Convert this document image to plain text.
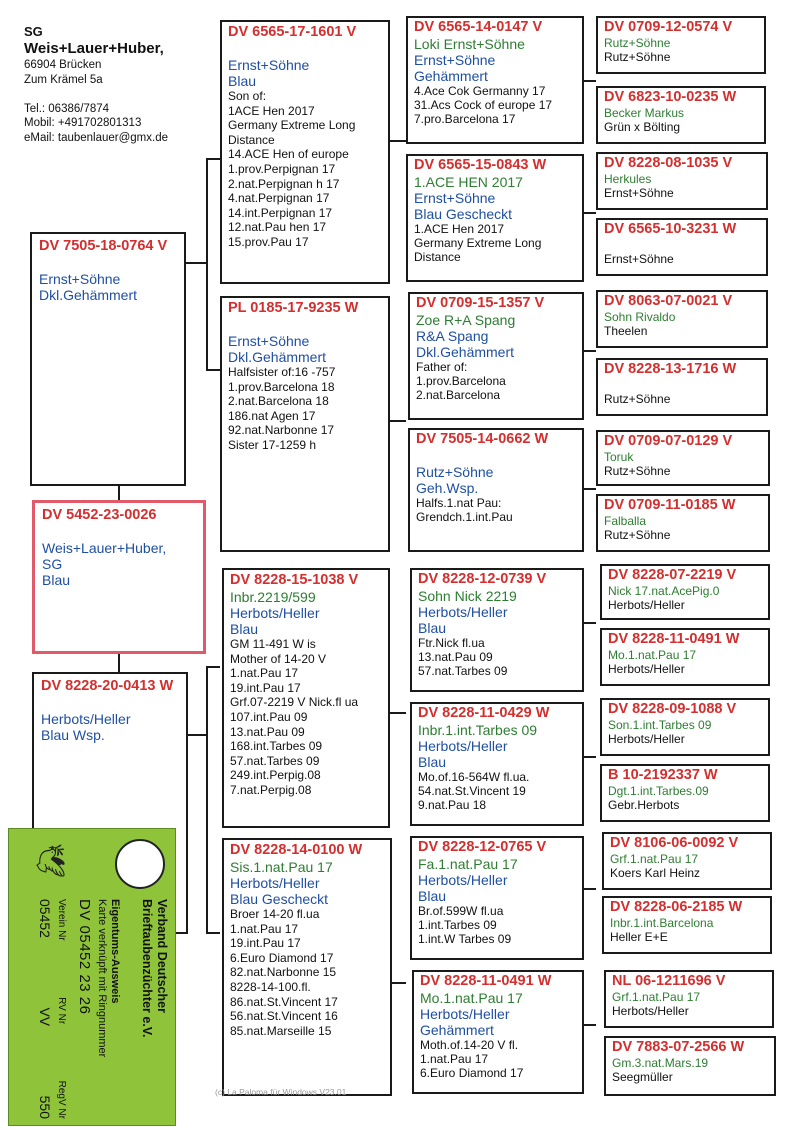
SG
Weis+Lauer+Huber,
66904 Brücken
Zum Krämel 5a
Tel.: 06386/7874
Mobil: +491702801313
eMail: taubenlauer@gmx.de
DV 7505-18-0764 V
Ernst+Söhne
Dkl.Gehämmert
DV 5452-23-0026
Weis+Lauer+Huber,
SG
Blau
DV 8228-20-0413 W
Herbots/Heller
Blau Wsp.
DV 6565-17-1601 V
Ernst+Söhne
Blau
Son of:
1ACE Hen 2017
Germany Extreme Long
Distance
14.ACE Hen of europe
1.prov.Perpignan 17
2.nat.Perpignan h 17
4.nat.Perpignan 17
14.int.Perpignan 17
12.nat.Pau hen 17
15.prov.Pau 17
PL 0185-17-9235 W
Ernst+Söhne
Dkl.Gehämmert
Halfsister of:16 -757
1.prov.Barcelona 18
2.nat.Barcelona 18
186.nat Agen 17
92.nat.Narbonne 17
Sister 17-1259 h
DV 8228-15-1038 V
Inbr.2219/599
Herbots/Heller
Blau
GM 11-491 W is
Mother of 14-20 V
1.nat.Pau 17
19.int.Pau 17
Grf.07-2219 V Nick.fl ua
107.int.Pau 09
13.nat.Pau 09
168.int.Tarbes 09
57.nat.Tarbes 09
249.int.Perpig.08
7.nat.Perpig.08
DV 8228-14-0100 W
Sis.1.nat.Pau 17
Herbots/Heller
Blau Gescheckt
Broer 14-20 fl.ua
1.nat.Pau 17
19.int.Pau 17
6.Euro Diamond 17
82.nat.Narbonne 15
8228-14-100.fl.
86.nat.St.Vincent 17
56.nat.St.Vincent 16
85.nat.Marseille 15
DV 6565-14-0147 V
Loki Ernst+Söhne
Ernst+Söhne
Gehämmert
4.Ace Cok Germanny 17
31.Acs Cock of europe 17
7.pro.Barcelona 17
DV 6565-15-0843 W
1.ACE HEN 2017
Ernst+Söhne
Blau Gescheckt
1.ACE Hen 2017
Germany Extreme Long
Distance
DV 0709-15-1357 V
Zoe R+A Spang
R&A Spang
Dkl.Gehämmert
Father of:
1.prov.Barcelona
2.nat.Barcelona
DV 7505-14-0662 W
Rutz+Söhne
Geh.Wsp.
Halfs.1.nat Pau:
Grendch.1.int.Pau
DV 8228-12-0739 V
Sohn Nick 2219
Herbots/Heller
Blau
Ftr.Nick fl.ua
13.nat.Pau 09
57.nat.Tarbes 09
DV 8228-11-0429 W
Inbr.1.int.Tarbes 09
Herbots/Heller
Blau
Mo.of.16-564W fl.ua.
54.nat.St.Vincent 19
9.nat.Pau 18
DV 8228-12-0765 V
Fa.1.nat.Pau 17
Herbots/Heller
Blau
Br.of.599W fl.ua
1.int.Tarbes 09
1.int.W Tarbes 09
DV 8228-11-0491 W
Mo.1.nat.Pau 17
Herbots/Heller
Gehämmert
Moth.of.14-20 V fl.
1.nat.Pau 17
6.Euro Diamond 17
DV 0709-12-0574 V
Rutz+Söhne
Rutz+Söhne
DV 6823-10-0235 W
Becker Markus
Grün x Bölting
DV 8228-08-1035 V
Herkules
Ernst+Söhne
DV 6565-10-3231 W
Ernst+Söhne
DV 8063-07-0021 V
Sohn Rivaldo
Theelen
DV 8228-13-1716 W
Rutz+Söhne
DV 0709-07-0129 V
Toruk
Rutz+Söhne
DV 0709-11-0185 W
Falballa
Rutz+Söhne
DV 8228-07-2219 V
Nick 17.nat.AcePig.0
Herbots/Heller
DV 8228-11-0491 W
Mo.1.nat.Pau 17
Herbots/Heller
DV 8228-09-1088 V
Son.1.int.Tarbes 09
Herbots/Heller
B 10-2192337 W
Dgt.1.int.Tarbes.09
Gebr.Herbots
DV 8106-06-0092 V
Grf.1.nat.Pau 17
Koers Karl Heinz
DV 8228-06-2185 W
Inbr.1.int.Barcelona
Heller E+E
NL 06-1211696 V
Grf.1.nat.Pau 17
Herbots/Heller
DV 7883-07-2566 W
Gm.3.nat.Mars.19
Seegmüller
Verband Deutscher
Brieftaubenzüchter e.V.
Eigentums-Ausweis
Karte verknüpft mit Ringnummer
DV 05452 23 26
Verein Nr
RV Nr
RegV Nr
05452
VV
550
🕊
(c) La Paloma für Windows V23.01
